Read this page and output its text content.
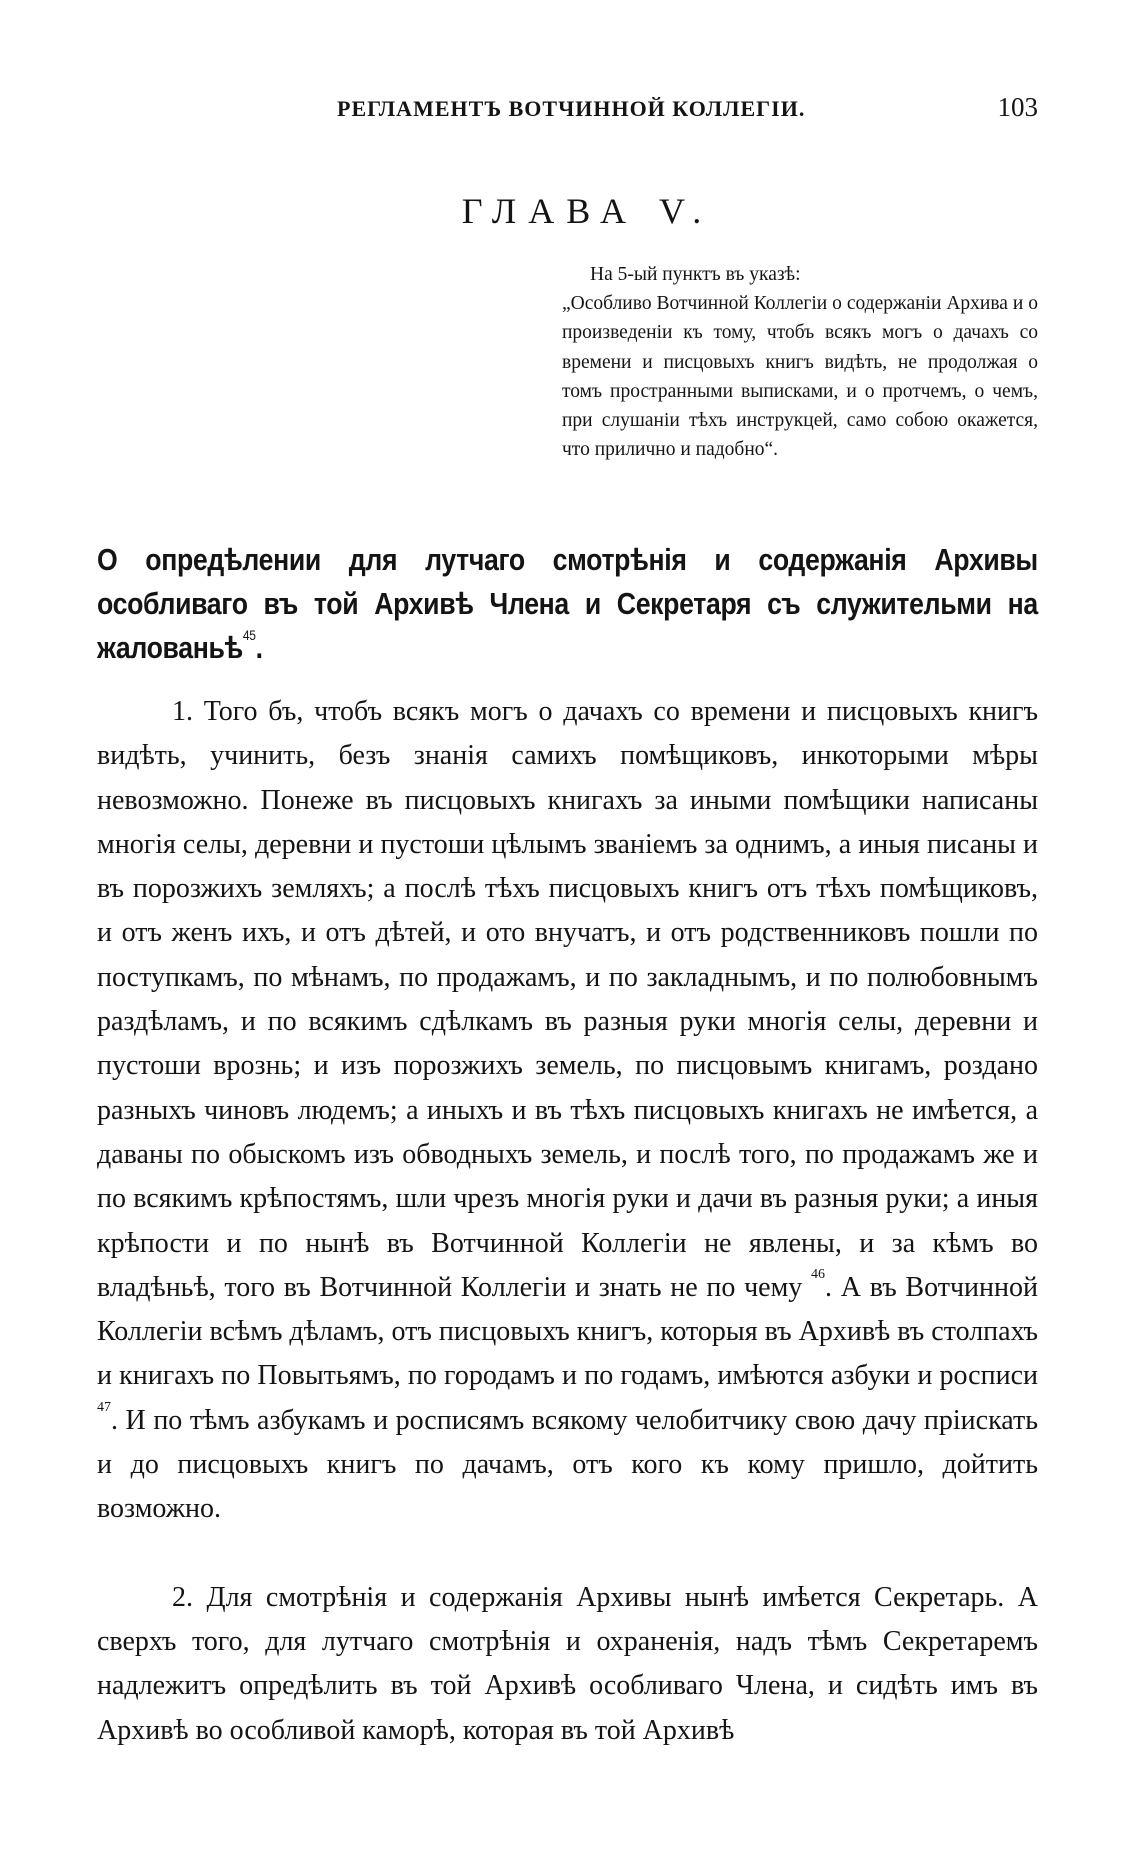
РЕГЛАМЕНТЪ ВОТЧИННОЙ КОЛЛЕГІИ.	103
ГЛАВА V.

На 5-ый пунктъ въ указѣ:

„Особливо Вотчинной Коллегіи о содержаніи Архива и о произведеніи къ тому, чтобъ всякъ могъ о дачахъ со времени и писцовыхъ книгъ видѣть, не продолжая о томъ пространными выписками, и о протчемъ, о чемъ, при слушаніи тѣхъ инструкцей, само собою окажется, что прилично и падобно“.

О опредѣлении для лутчаго смотрѣнія и содержанія Архивы особливаго въ той Архивѣ Члена и Секретаря съ служительми на жалованьѣ$^{45}$.

1. Того бъ, чтобъ всякъ могъ о дачахъ со времени и писцовыхъ книгъ видѣть, учинить, безъ знанія самихъ помѣщиковъ, инкоторыми мѣры невозможно. Понеже въ писцовыхъ книгахъ за иными помѣщики написаны многія селы, деревни и пустоши цѣлымъ званіемъ за однимъ, а иныя писаны и въ порозжихъ земляхъ; а послѣ тѣхъ писцовыхъ книгъ отъ тѣхъ помѣщиковъ, и отъ женъ ихъ, и отъ дѣтей, и ото внучатъ, и отъ родственниковъ пошли по поступкамъ, по мѣнамъ, по продажамъ, и по закладнымъ, и по полюбовнымъ раздѣламъ, и по всякимъ сдѣлкамъ въ разныя руки многія селы, деревни и пустоши врознь; и изъ порозжихъ земель, по писцовымъ книгамъ, роздано разныхъ чиновъ людемъ; а иныхъ и въ тѣхъ писцовыхъ книгахъ не имѣется, а даваны по обыскомъ изъ обводныхъ земель, и послѣ того, по продажамъ же и по всякимъ крѣпостямъ, шли чрезъ многія руки и дачи въ разныя руки; а иныя крѣпости и по нынѣ въ Вотчинной Коллегіи не явлены, и за кѣмъ во владѣньѣ, того въ Вотчинной Коллегіи и знать не по чему $^{46}$. А въ Вотчинной Коллегіи всѣмъ дѣламъ, отъ писцовыхъ книгъ, которыя въ Архивѣ въ столпахъ и книгахъ по Повытьямъ, по городамъ и по годамъ, имѣются азбуки и росписи $^{47}$. И по тѣмъ азбукамъ и росписямъ всякому челобитчику свою дачу пріискать и до писцовыхъ книгъ по дачамъ, отъ кого къ кому пришло, дойтить возможно.

2. Для смотрѣнія и содержанія Архивы нынѣ имѣется Секретарь. А сверхъ того, для лутчаго смотрѣнія и охраненія, надъ тѣмъ Секретаремъ надлежитъ опредѣлить въ той Архивѣ особливаго Члена, и сидѣть имъ въ Архивѣ во особливой каморѣ, которая въ той Архивѣ
